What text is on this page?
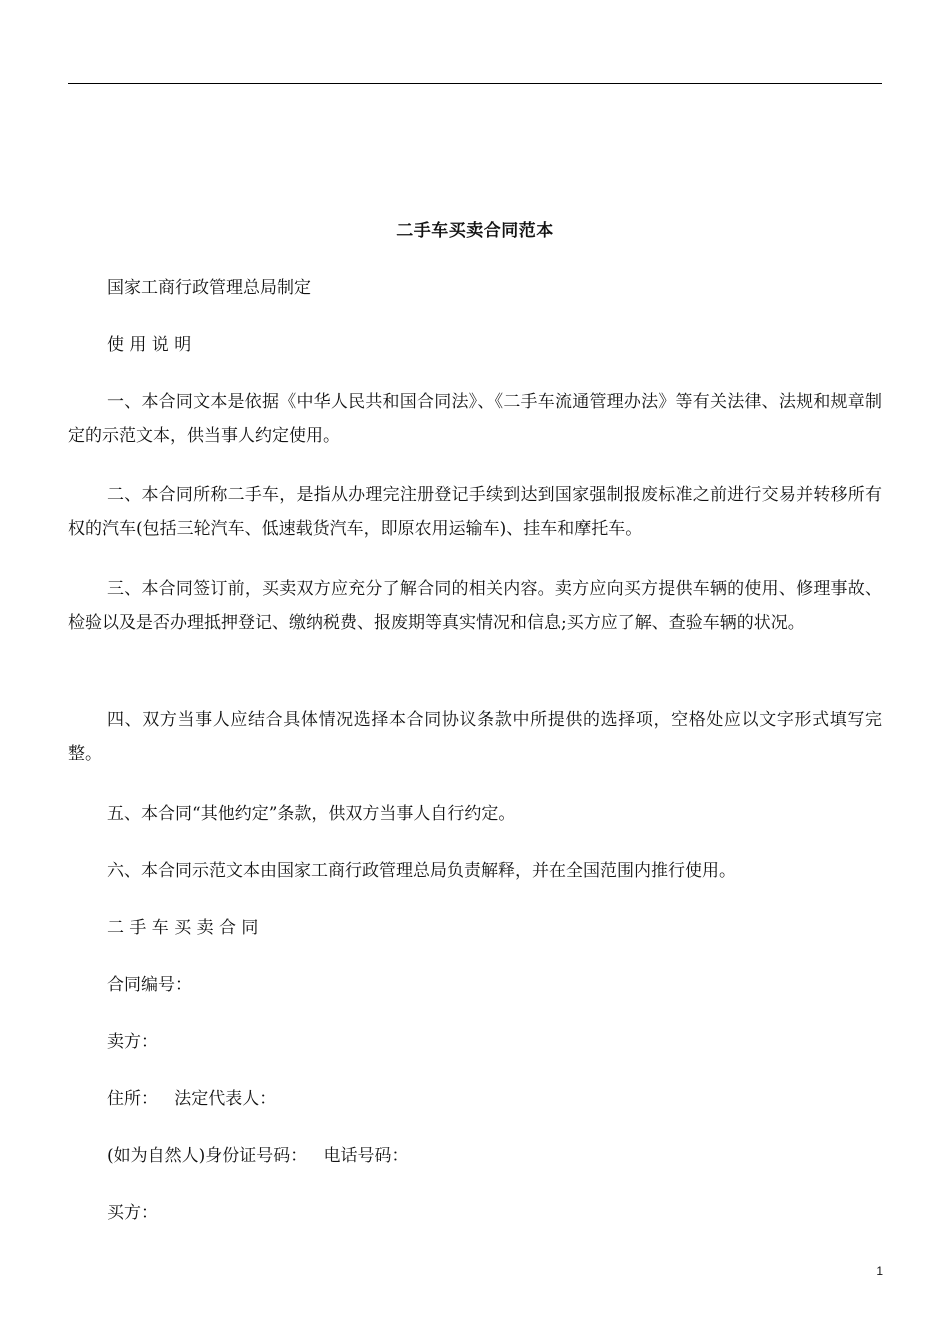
二手车买卖合同范本

国家工商行政管理总局制定

使 用 说 明

一、本合同文本是依据《中华人民共和国合同法》、《二手车流通管理办法》等有关法律、法规和规章制定的示范文本，供当事人约定使用。

二、本合同所称二手车，是指从办理完注册登记手续到达到国家强制报废标准之前进行交易并转移所有权的汽车(包括三轮汽车、低速载货汽车，即原农用运输车)、挂车和摩托车。

三、本合同签订前，买卖双方应充分了解合同的相关内容。卖方应向买方提供车辆的使用、修理事故、检验以及是否办理抵押登记、缴纳税费、报废期等真实情况和信息;买方应了解、查验车辆的状况。

四、双方当事人应结合具体情况选择本合同协议条款中所提供的选择项，空格处应以文字形式填写完整。

五、本合同“其他约定”条款，供双方当事人自行约定。

六、本合同示范文本由国家工商行政管理总局负责解释，并在全国范围内推行使用。

二 手 车 买 卖 合 同

合同编号：

卖方：

住所：   法定代表人：

(如为自然人)身份证号码：   电话号码：

买方：

1
